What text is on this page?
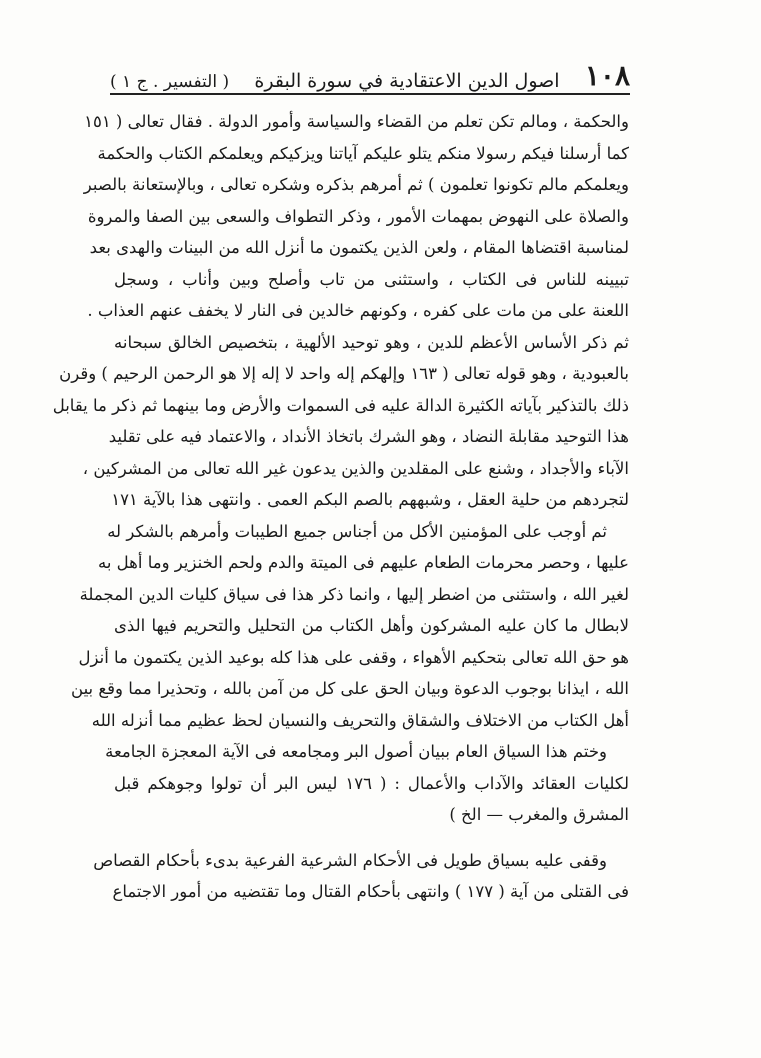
١٠٨
اصول الدين الاعتقادية في سورة البقرة
( التفسير . ج ١ )
والحكمة ، ومالم تكن تعلم من القضاء والسياسة وأمور الدولة . فقال تعالى ( ١٥١
كما أرسلنا فيكم رسولا منكم يتلو عليكم آياتنا ويزكيكم ويعلمكم الكتاب والحكمة
ويعلمكم مالم تكونوا تعلمون ) ثم أمرهم بذكره وشكره تعالى ، وبالإستعانة بالصبر
والصلاة على النهوض بمهمات الأمور ، وذكر التطواف والسعى بين الصفا والمروة
لمناسبة اقتضاها المقام ، ولعن الذين يكتمون ما أنزل الله من البينات والهدى بعد
تبيينه للناس فى الكتاب ، واستثنى من تاب وأصلح وبين وأناب ، وسجل
اللعنة على من مات على كفره ، وكونهم خالدين فى النار لا يخفف عنهم العذاب .
ثم ذكر الأساس الأعظم للدين ، وهو توحيد الألهية ، بتخصيص الخالق سبحانه
بالعبودية ، وهو قوله تعالى ( ١٦٣ وإلهكم إله واحد لا إله إلا هو الرحمن الرحيم ) وقرن
ذلك بالتذكير بآياته الكثيرة الدالة عليه فى السموات والأرض وما بينهما ثم ذكر ما يقابل
هذا التوحيد مقابلة النضاد ، وهو الشرك باتخاذ الأنداد ، والاعتماد فيه على تقليد
الآباء والأجداد ، وشنع على المقلدين والذين يدعون غير الله تعالى من المشركين ،
لتجردهم من حلية العقل ، وشبههم بالصم البكم العمى . وانتهى هذا بالآية ١٧١
ثم أوجب على المؤمنين الأكل من أجناس جميع الطيبات وأمرهم بالشكر له
عليها ، وحصر محرمات الطعام عليهم فى الميتة والدم ولحم الخنزير وما أهل به
لغير الله ، واستثنى من اضطر إليها ، وانما ذكر هذا فى سياق كليات الدين المجملة
لابطال ما كان عليه المشركون وأهل الكتاب من التحليل والتحريم فيها الذى
هو حق الله تعالى بتحكيم الأهواء ، وقفى على هذا كله بوعيد الذين يكتمون ما أنزل
الله ، ايذانا بوجوب الدعوة وبيان الحق على كل من آمن بالله ، وتحذيرا مما وقع بين
أهل الكتاب من الاختلاف والشقاق والتحريف والنسيان لحظ عظيم مما أنزله الله
وختم هذا السياق العام ببيان أصول البر ومجامعه فى الآية المعجزة الجامعة
لكليات العقائد والآداب والأعمال : ( ١٧٦ ليس البر أن تولوا وجوهكم قبل
المشرق والمغرب — الخ )
وقفى عليه بسياق طويل فى الأحكام الشرعية الفرعية بدىء بأحكام القصاص
فى القتلى من آية ( ١٧٧ ) وانتهى بأحكام القتال وما تقتضيه من أمور الاجتماع
